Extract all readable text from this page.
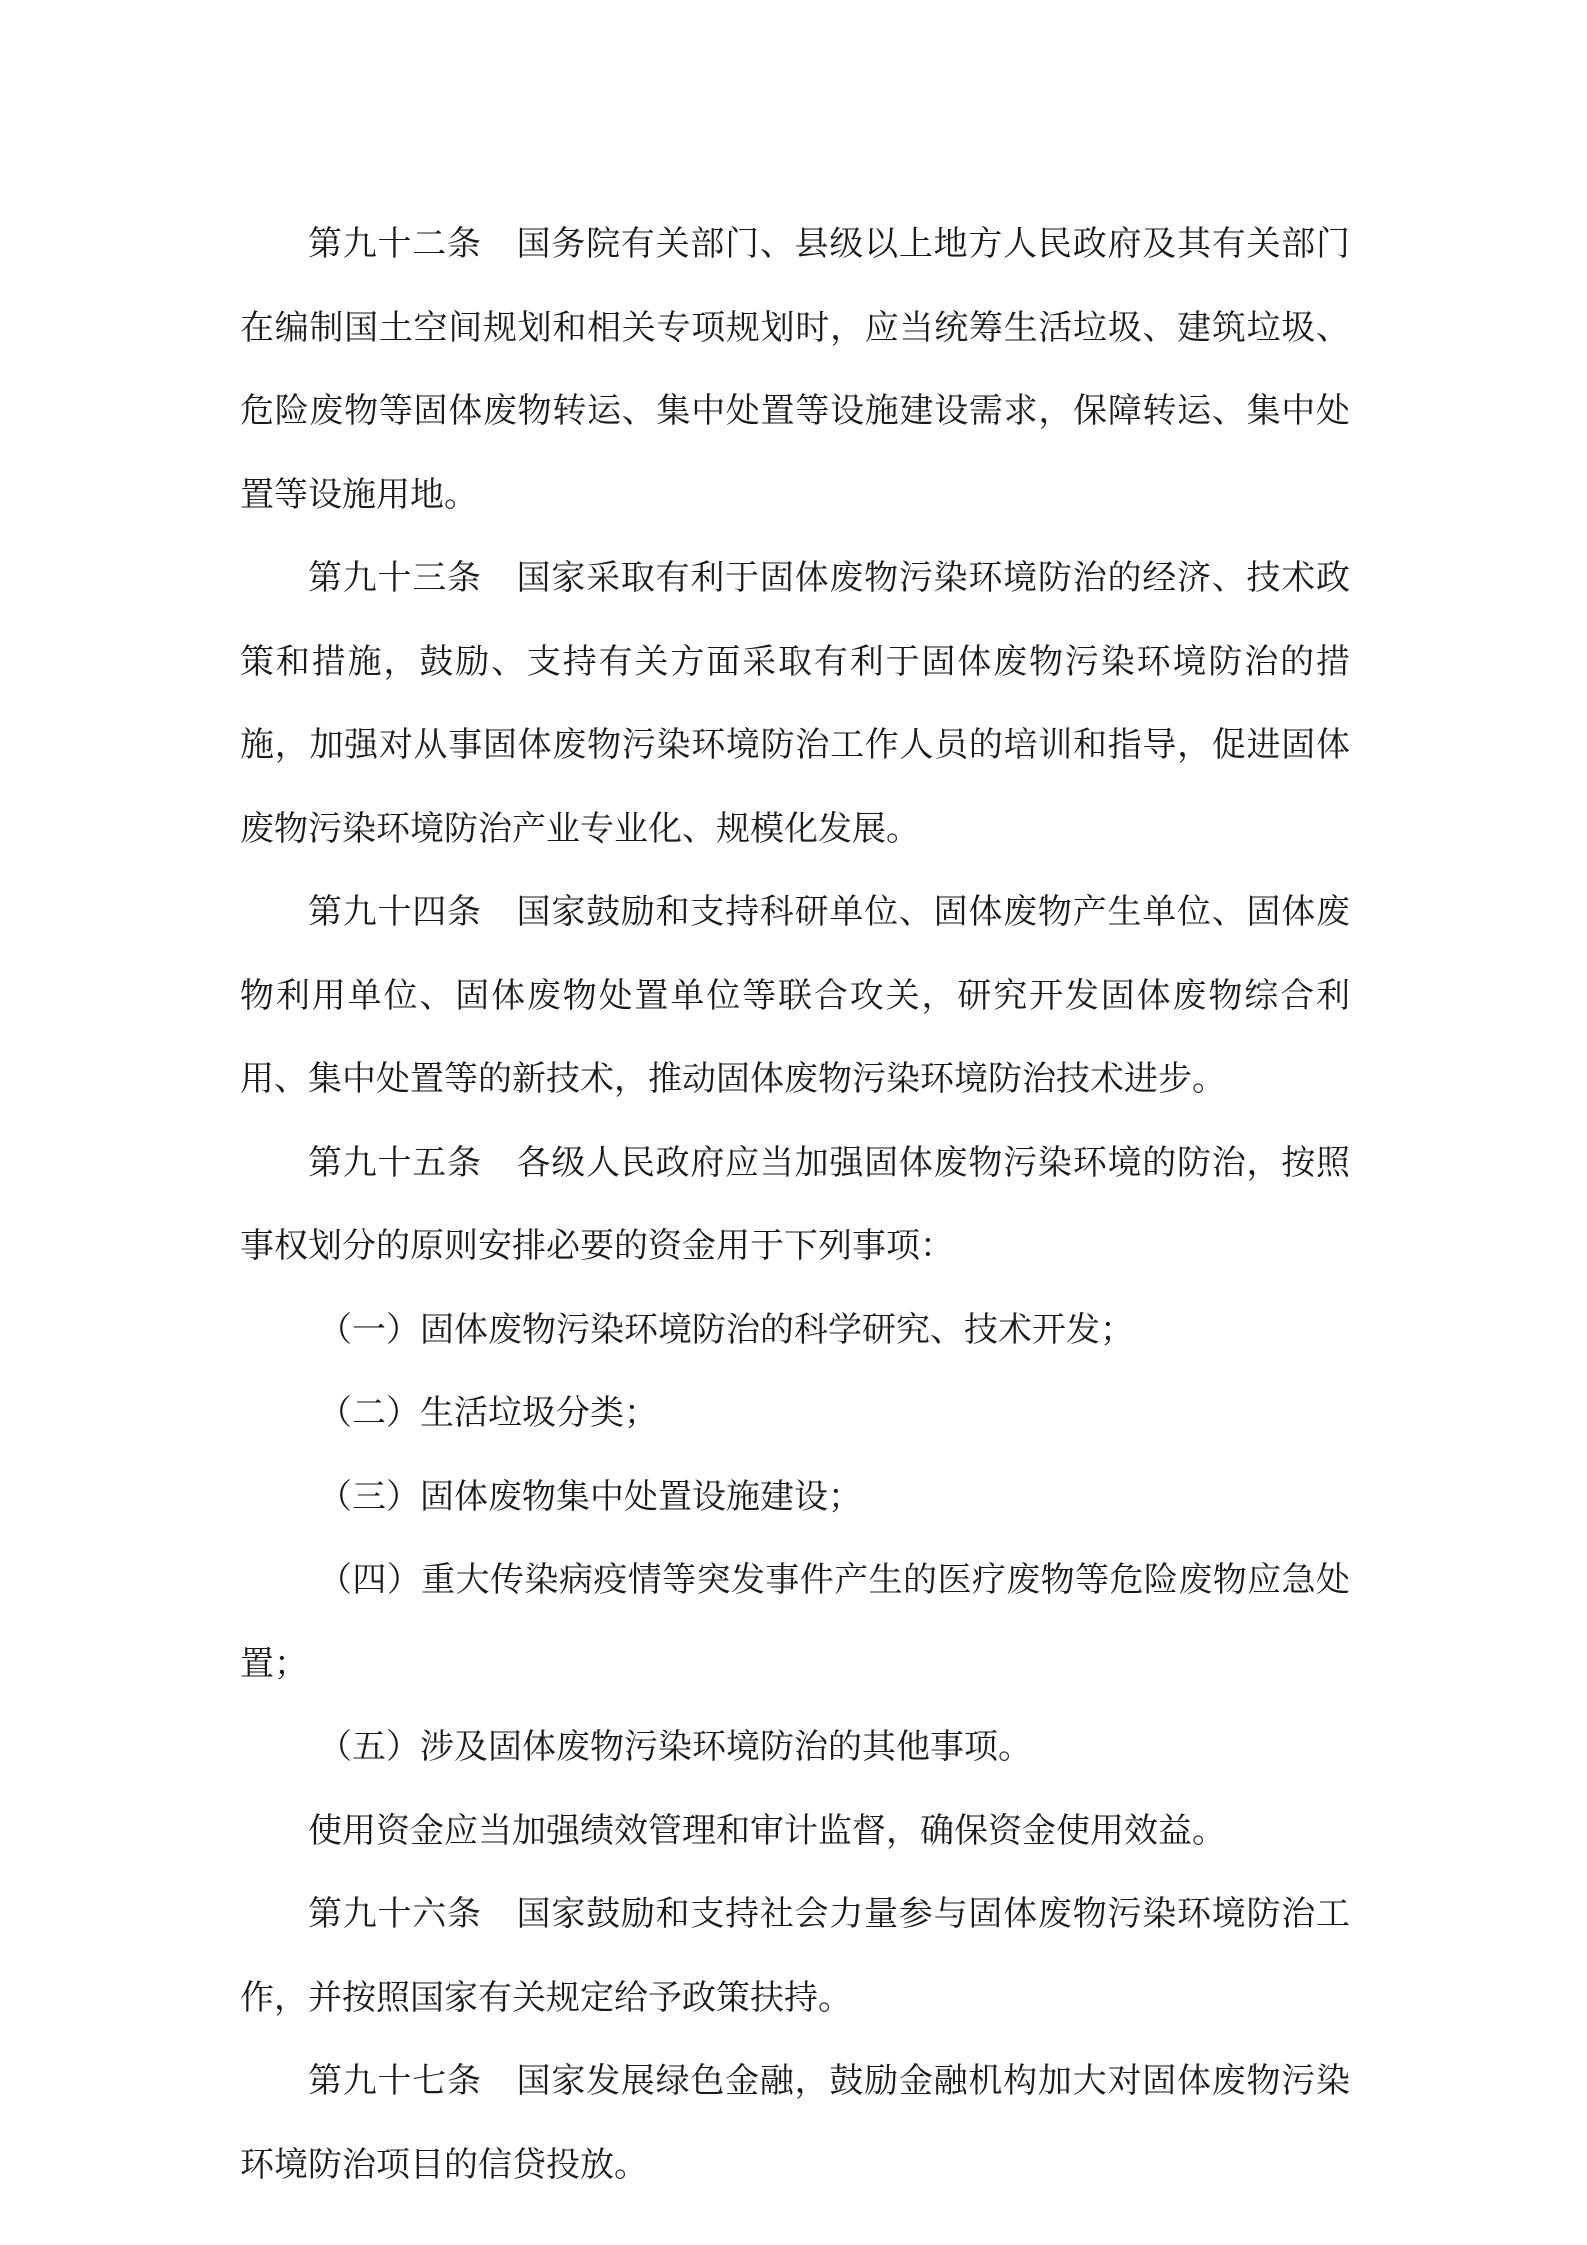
第九十二条 国务院有关部门、县级以上地方人民政府及其有关部门在编制国土空间规划和相关专项规划时，应当统筹生活垃圾、建筑垃圾、危险废物等固体废物转运、集中处置等设施建设需求，保障转运、集中处置等设施用地。

第九十三条 国家采取有利于固体废物污染环境防治的经济、技术政策和措施，鼓励、支持有关方面采取有利于固体废物污染环境防治的措施，加强对从事固体废物污染环境防治工作人员的培训和指导，促进固体废物污染环境防治产业专业化、规模化发展。

第九十四条 国家鼓励和支持科研单位、固体废物产生单位、固体废物利用单位、固体废物处置单位等联合攻关，研究开发固体废物综合利用、集中处置等的新技术，推动固体废物污染环境防治技术进步。

第九十五条 各级人民政府应当加强固体废物污染环境的防治，按照事权划分的原则安排必要的资金用于下列事项：

（一）固体废物污染环境防治的科学研究、技术开发；

（二）生活垃圾分类；

（三）固体废物集中处置设施建设；

（四）重大传染病疫情等突发事件产生的医疗废物等危险废物应急处置；

（五）涉及固体废物污染环境防治的其他事项。

使用资金应当加强绩效管理和审计监督，确保资金使用效益。

第九十六条 国家鼓励和支持社会力量参与固体废物污染环境防治工作，并按照国家有关规定给予政策扶持。

第九十七条 国家发展绿色金融，鼓励金融机构加大对固体废物污染环境防治项目的信贷投放。
